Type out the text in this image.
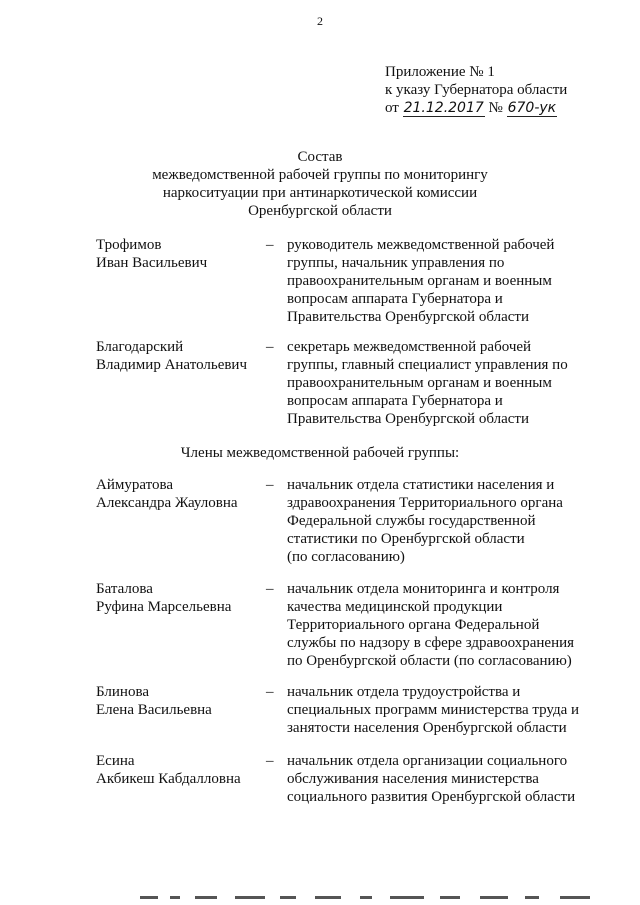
2
Приложение № 1
к указу Губернатора области
от 21.12.2017 № 670-ук
Состав
межведомственной рабочей группы по мониторингу
наркоситуации при антинаркотической комиссии
Оренбургской области
Трофимов
Иван Васильевич
– руководитель межведомственной рабочей
группы, начальник управления по
правоохранительным органам и военным
вопросам аппарата Губернатора и
Правительства Оренбургской области
Благодарский
Владимир Анатольевич
– секретарь межведомственной рабочей
группы, главный специалист управления по
правоохранительным органам и военным
вопросам аппарата Губернатора и
Правительства Оренбургской области
Члены межведомственной рабочей группы:
Аймуратова
Александра Жауловна
– начальник отдела статистики населения и
здравоохранения Территориального органа
Федеральной службы государственной
статистики по Оренбургской области
(по согласованию)
Баталова
Руфина Марсельевна
– начальник отдела мониторинга и контроля
качества медицинской продукции
Территориального органа Федеральной
службы по надзору в сфере здравоохранения
по Оренбургской области (по согласованию)
Блинова
Елена Васильевна
– начальник отдела трудоустройства и
специальных программ министерства труда и
занятости населения Оренбургской области
Есина
Акбикеш Кабдалловна
– начальник отдела организации социального
обслуживания населения министерства
социального развития Оренбургской области
